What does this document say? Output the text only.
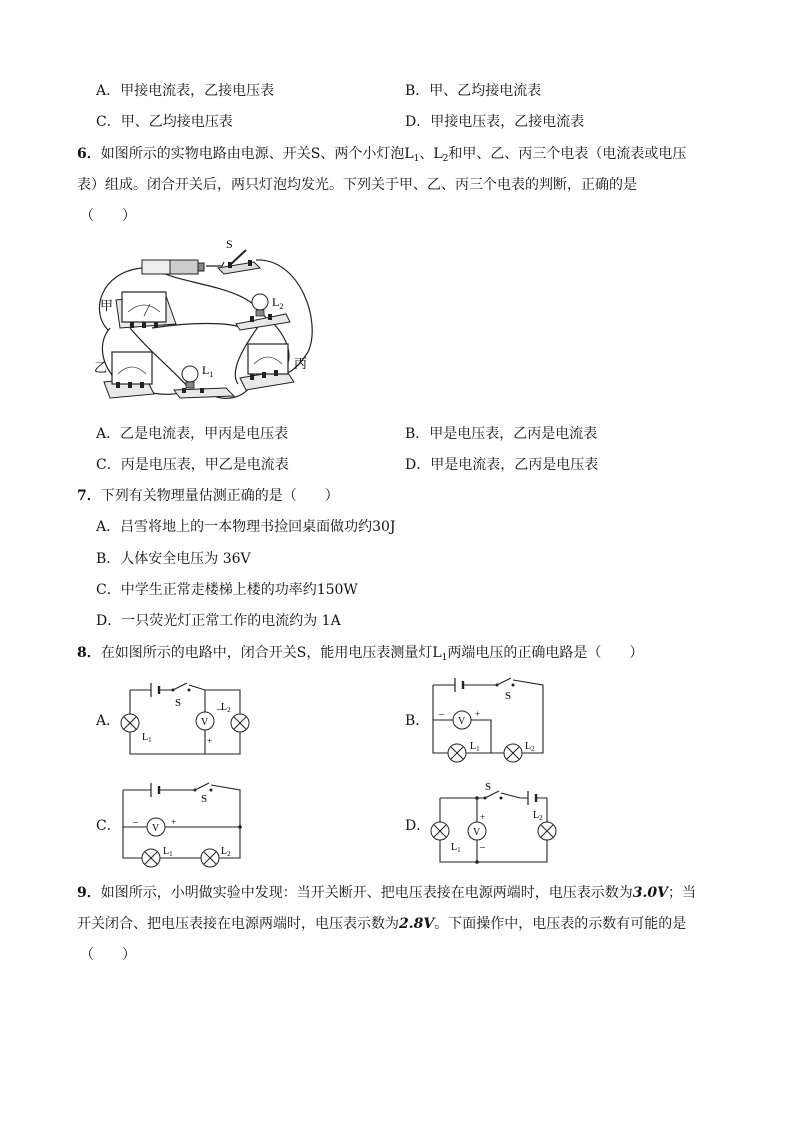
A．甲接电流表，乙接电压表	B．甲、乙均接电流表
C．甲、乙均接电压表	D．甲接电压表，乙接电流表
6．如图所示的实物电路由电源、开关S、两个小灯泡$L_1$、$L_2$和甲、乙、丙三个电表（电流表或电压
表）组成。闭合开关后，两只灯泡均发光。下列关于甲、乙、丙三个电表的判断，正确的是
（　　）
S
甲
乙	$L_1$
$L_2$
丙
A．乙是电流表，甲丙是电压表	B．甲是电压表，乙丙是电流表
C．丙是电压表，甲乙是电流表	D．甲是电流表，乙丙是电压表
7．下列有关物理量估测正确的是（　　）
A．吕雪将地上的一本物理书捡回桌面做功约30J
B．人体安全电压为 36V
C．中学生正常走楼梯上楼的功率约150W
D．一只荧光灯正常工作的电流约为 1A
8．在如图所示的电路中，闭合开关S，能用电压表测量灯$L_1$两端电压的正确电路是（　　）
A．	B．
C．	D．
S
$L_1$
V
–
+
$L_2$
S
V
–	+
$L_1$	$L_2$
S
V
–	+
$L_1$	$L_2$
S
$L_1$
V
+
–
$L_2$
9．如图所示，小明做实验中发现：当开关断开、把电压表接在电源两端时，电压表示数为3.0V；当
开关闭合、把电压表接在电源两端时，电压表示数为2.8V。下面操作中，电压表的示数有可能的是
（　　）
